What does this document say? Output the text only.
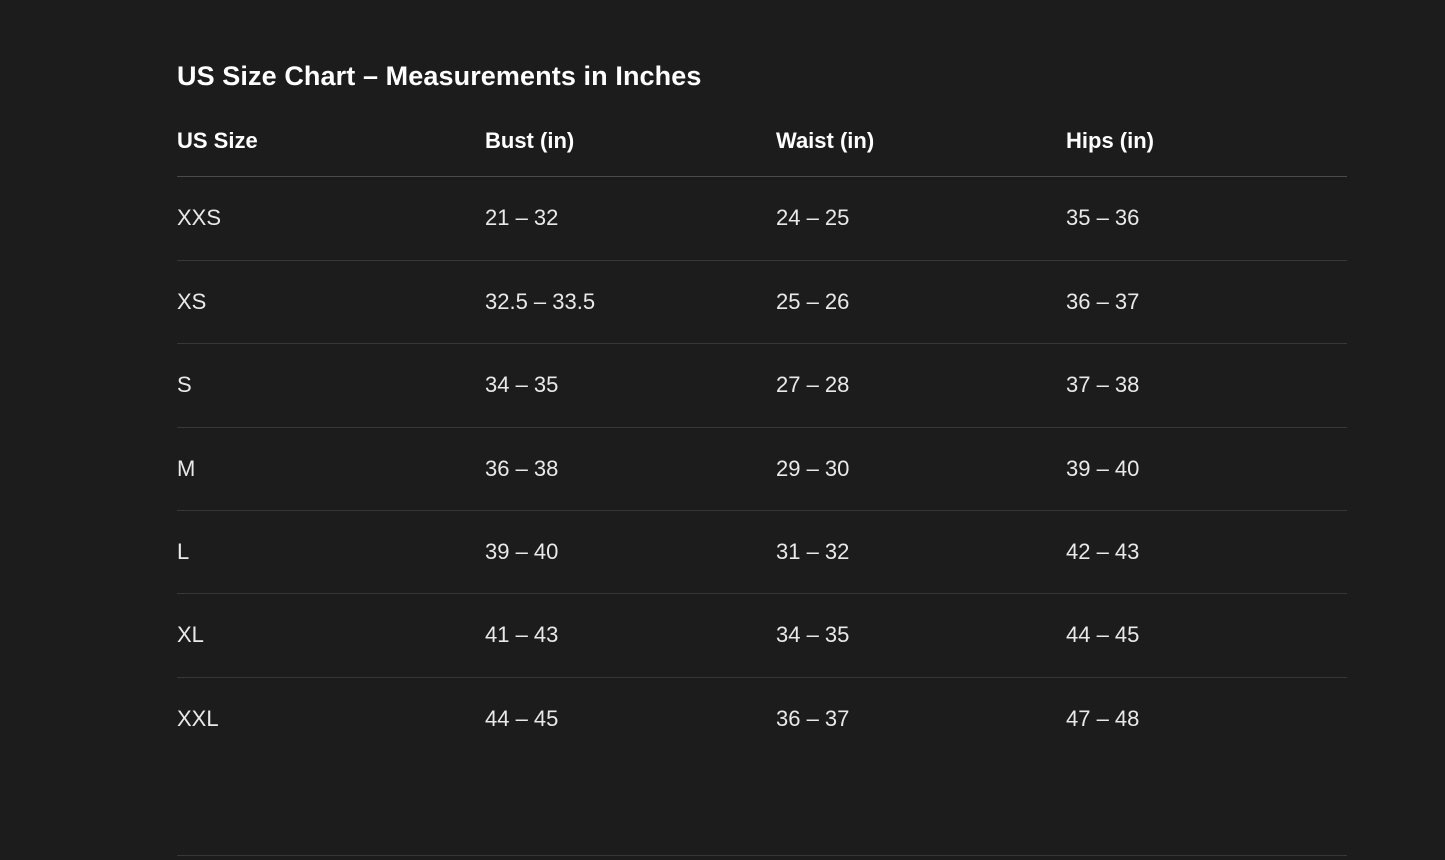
US Size Chart – Measurements in Inches
US Size	Bust (in)	Waist (in)	Hips (in)
XXS	21 – 32	24 – 25	35 – 36
XS	32.5 – 33.5	25 – 26	36 – 37
S	34 – 35	27 – 28	37 – 38
M	36 – 38	29 – 30	39 – 40
L	39 – 40	31 – 32	42 – 43
XL	41 – 43	34 – 35	44 – 45
XXL	44 – 45	36 – 37	47 – 48
